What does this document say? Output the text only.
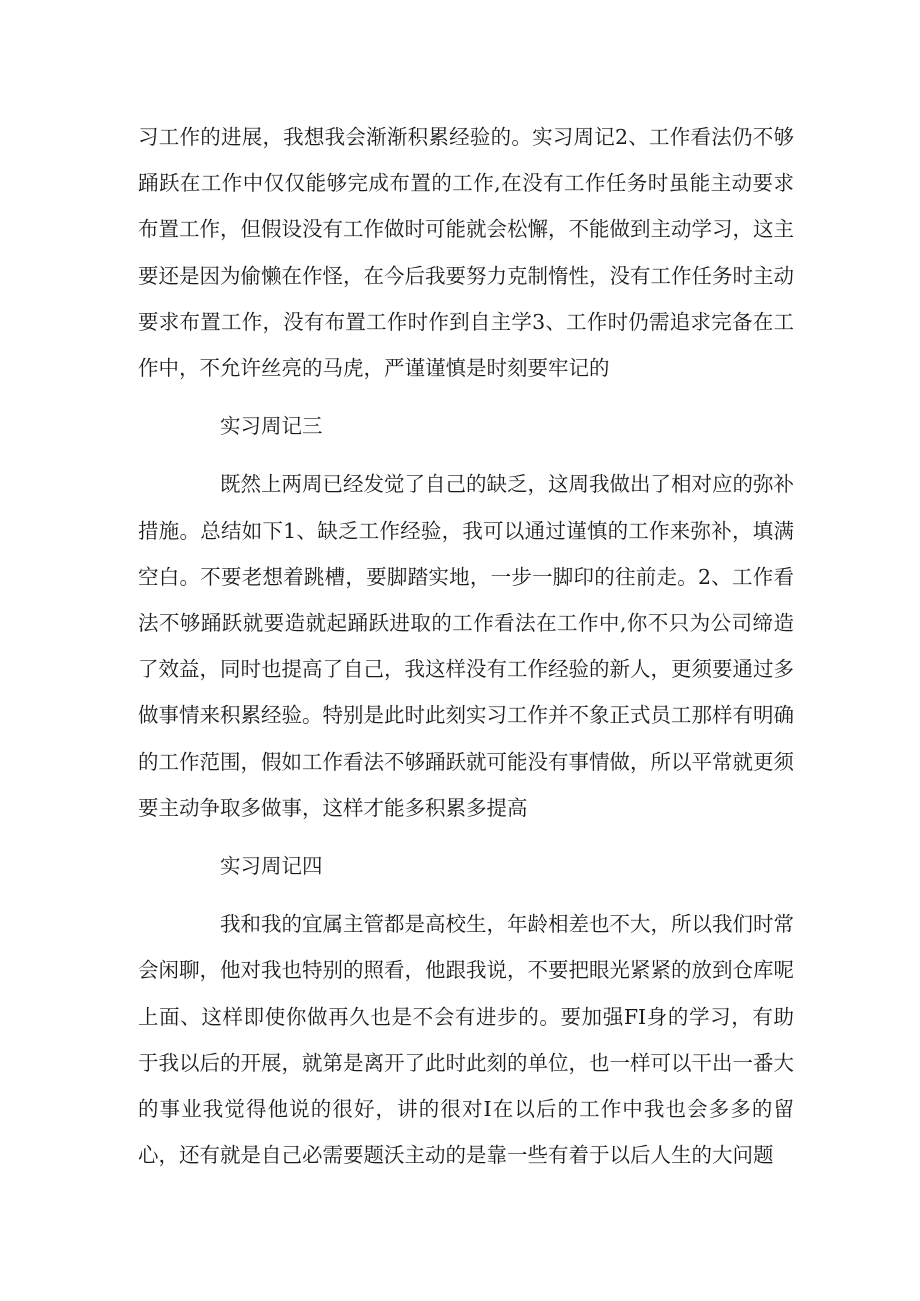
习工作的进展，我想我会渐渐积累经验的。实习周记2、工作看法仍不够踊跃在工作中仅仅能够完成布置的工作,在没有工作任务时虽能主动要求布置工作，但假设没有工作做时可能就会松懈，不能做到主动学习，这主要还是因为偷懒在作怪，在今后我要努力克制惰性，没有工作任务时主动要求布置工作，没有布置工作时作到自主学3、工作时仍需追求完备在工作中，不允许丝亮的马虎，严谨谨慎是时刻要牢记的

实习周记三

既然上两周已经发觉了自己的缺乏，这周我做出了相对应的弥补措施。总结如下1、缺乏工作经验，我可以通过谨慎的工作来弥补，填满空白。不要老想着跳槽，要脚踏实地，一步一脚印的往前走。2、工作看法不够踊跃就要造就起踊跃进取的工作看法在工作中,你不只为公司缔造了效益，同时也提高了自己，我这样没有工作经验的新人，更须要通过多做事情来积累经验。特别是此时此刻实习工作并不象正式员工那样有明确的工作范围，假如工作看法不够踊跃就可能没有事情做，所以平常就更须要主动争取多做事，这样才能多积累多提高

实习周记四

我和我的宜属主管都是高校生，年龄相差也不大，所以我们时常会闲聊，他对我也特别的照看，他跟我说，不要把眼光紧紧的放到仓库呢上面、这样即使你做再久也是不会有进步的。要加强FI身的学习，有助于我以后的开展，就第是离开了此时此刻的单位，也一样可以干出一番大的事业我觉得他说的很好，讲的很对I在以后的工作中我也会多多的留心，还有就是自己必需要题沃主动的是靠一些有着于以后人生的大问题
